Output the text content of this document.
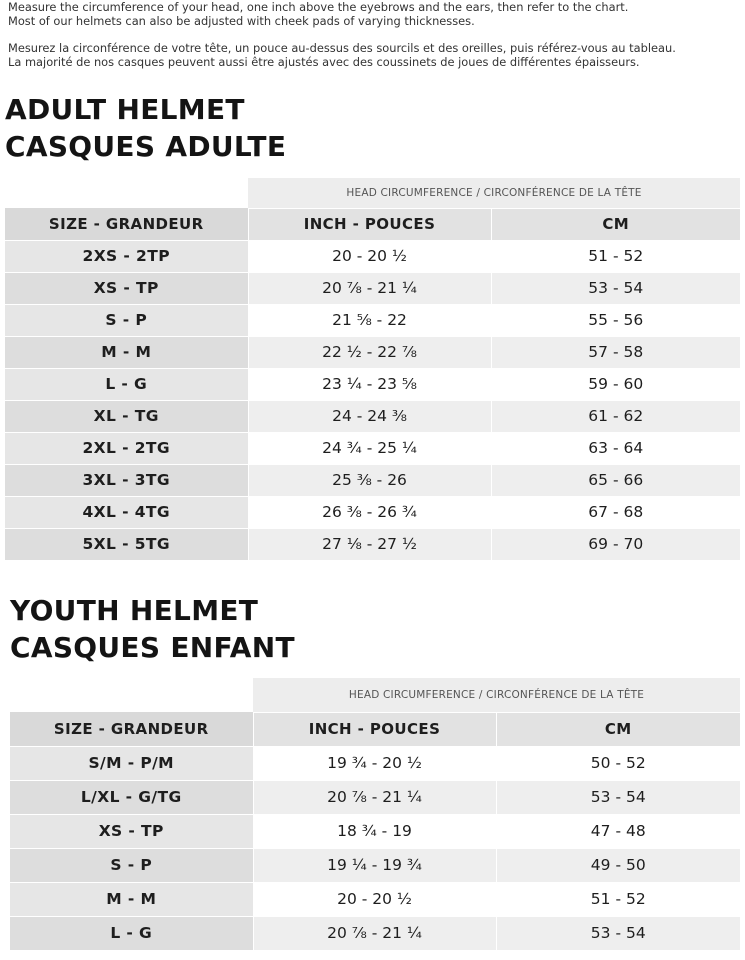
Measure the circumference of your head, one inch above the eyebrows and the ears, then refer to the chart.

Most of our helmets can also be adjusted with cheek pads of varying thicknesses.

Mesurez la circonférence de votre tête, un pouce au-dessus des sourcils et des oreilles, puis référez-vous au tableau.

La majorité de nos casques peuvent aussi être ajustés avec des coussinets de joues de différentes épaisseurs.

ADULT HELMET
CASQUES ADULTE
	HEAD CIRCUMFERENCE / CIRCONFÉRENCE DE LA TÊTE	
SIZE - GRANDEUR	INCH - POUCES	CM
2XS - 2TP	20 - 20 ½	51 - 52
XS - TP	20 ⅞ - 21 ¼	53 - 54
S - P	21 ⅝ - 22	55 - 56
M - M	22 ½ - 22 ⅞	57 - 58
L - G	23 ¼ - 23 ⅝	59 - 60
XL - TG	24 - 24 ⅜	61 - 62
2XL - 2TG	24 ¾ - 25 ¼	63 - 64
3XL - 3TG	25 ⅜ - 26	65 - 66
4XL - 4TG	26 ⅜ - 26 ¾	67 - 68
5XL - 5TG	27 ⅛ - 27 ½	69 - 70
YOUTH HELMET
CASQUES ENFANT
	HEAD CIRCUMFERENCE / CIRCONFÉRENCE DE LA TÊTE	
SIZE - GRANDEUR	INCH - POUCES	CM
S/M - P/M	19 ¾ - 20 ½	50 - 52
L/XL - G/TG	20 ⅞ - 21 ¼	53 - 54
XS - TP	18 ¾ - 19	47 - 48
S - P	19 ¼ - 19 ¾	49 - 50
M - M	20 - 20 ½	51 - 52
L - G	20 ⅞ - 21 ¼	53 - 54
